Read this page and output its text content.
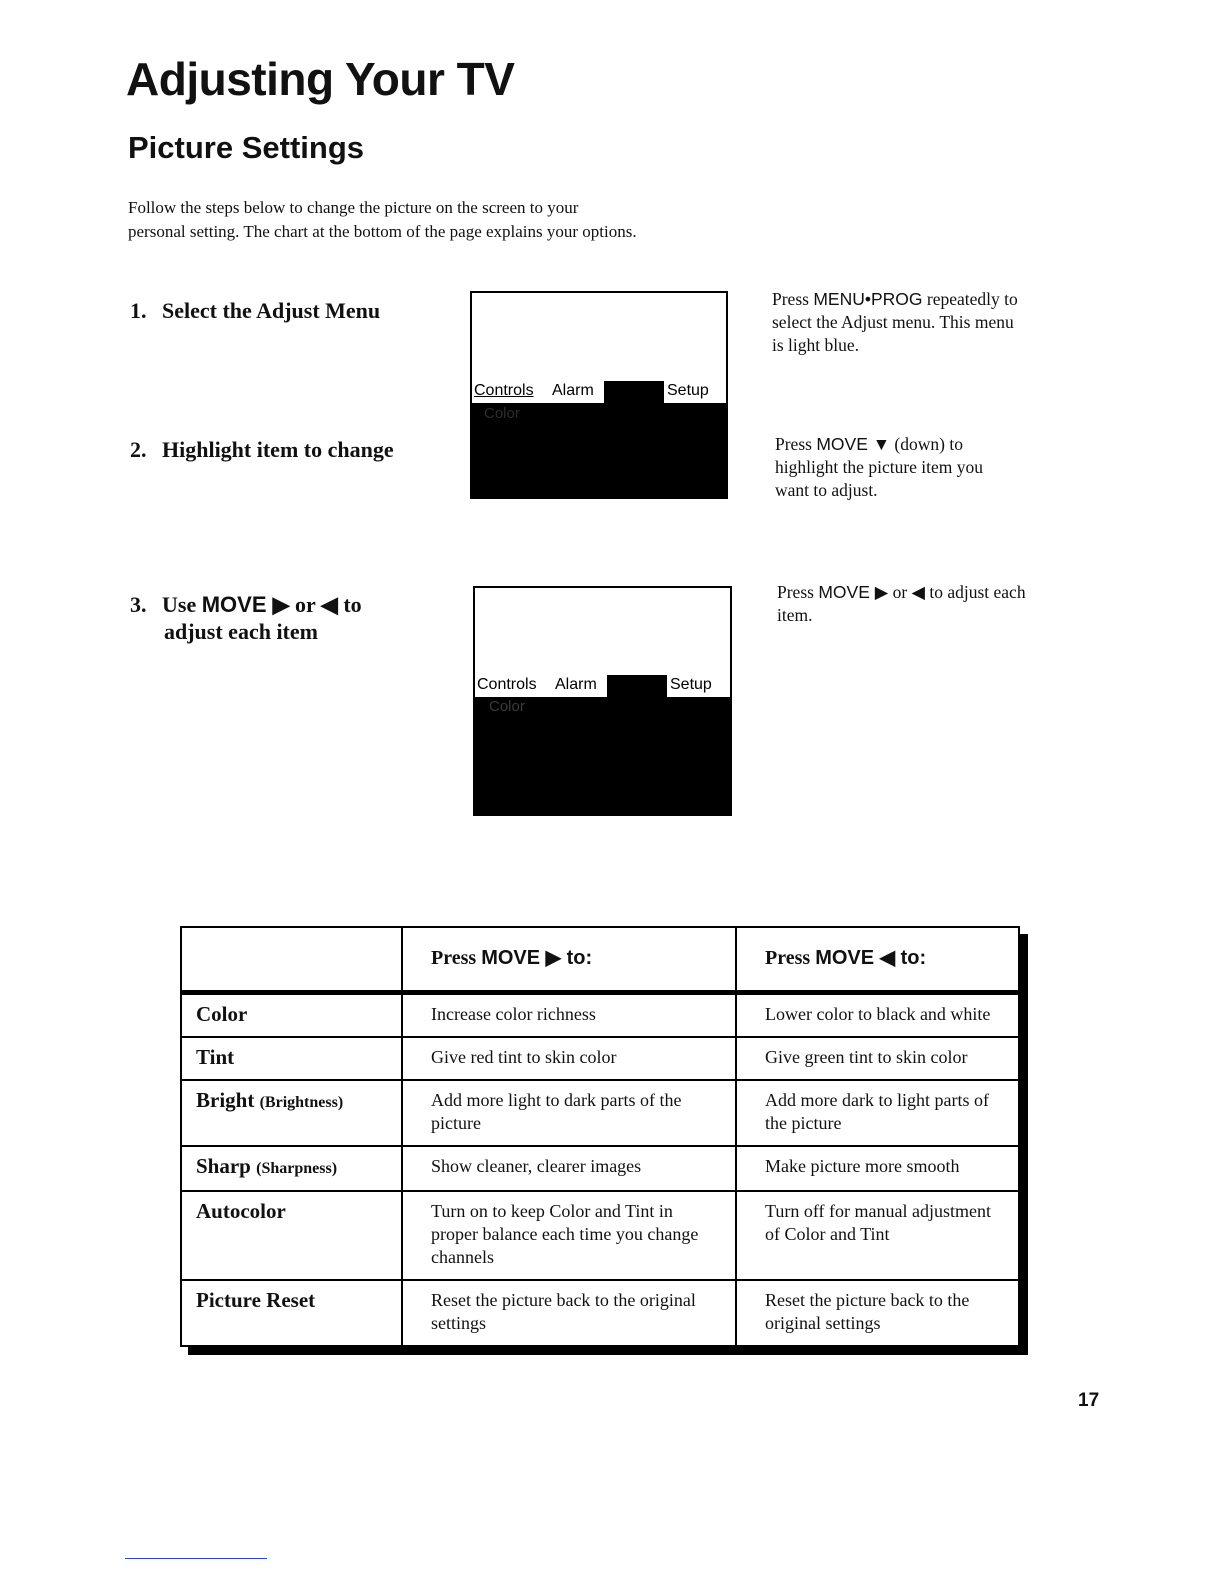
Adjusting Your TV
Picture Settings
Follow the steps below to change the picture on the screen to your
personal setting. The chart at the bottom of the page explains your options.
1. Select the Adjust Menu
2. Highlight item to change
3. Use MOVE ▶ or ◀ to
adjust each item
Controls Alarm	Setup
Color
Controls Alarm	Setup
Color
Press MENU•PROG repeatedly to
select the Adjust menu. This menu
is light blue.
Press MOVE ▼ (down) to
highlight the picture item you
want to adjust.
Press MOVE ▶ or ◀ to adjust each
item.
	Press MOVE ▶ to:	Press MOVE ◀ to:
Color	Increase color richness	Lower color to black and white
Tint	Give red tint to skin color	Give green tint to skin color
Bright (Brightness)	Add more light to dark parts of the picture	Add more dark to light parts of the picture
Sharp (Sharpness)	Show cleaner, clearer images	Make picture more smooth
Autocolor	Turn on to keep Color and Tint in proper balance each time you change channels	Turn off for manual adjustment of Color and Tint
Picture Reset	Reset the picture back to the original settings	Reset the picture back to the original settings
17
